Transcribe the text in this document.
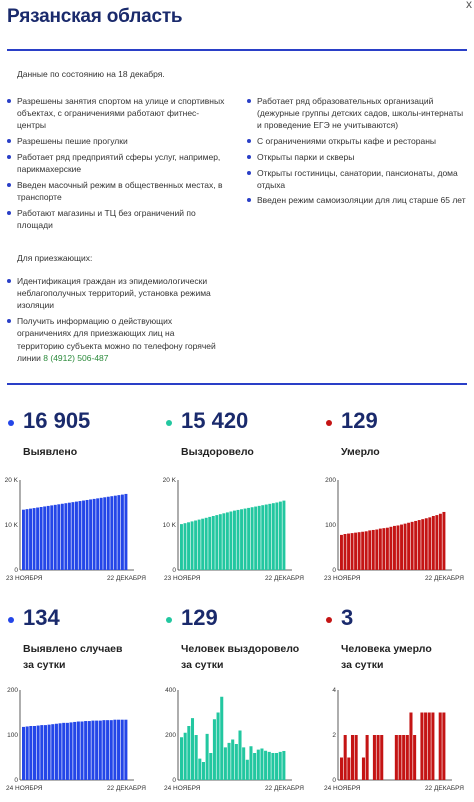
Рязанская область
x
Данные по состоянию на 18 декабря.
Разрешены занятия спортом на улице и спортивных объектах, с ограничениями работают фитнес-центры
Разрешены пешие прогулки
Работает ряд предприятий сферы услуг, например, парикмахерские
Введен масочный режим в общественных местах, в транспорте
Работают магазины и ТЦ без ограничений по площади
Работает ряд образовательных организаций (дежурные группы детских садов, школы-интернаты и проведение ЕГЭ не учитываются)
С ограничениями открыты кафе и рестораны
Открыты парки и скверы
Открыты гостиницы, санатории, пансионаты, дома отдыха
Введен режим самоизоляции для лиц старше 65 лет
Для приезжающих:
Идентификация граждан из эпидемиологически неблагополучных территорий, установка режима изоляции
Получить информацию о действующих ограничениях для приезжающих лиц на территорию субъекта можно по телефону горячей линии 8 (4912) 506-487
16 905
Выявлено
15 420
Выздоровело
129
Умерло
134
Выявлено случаев
за сутки
129
Человек выздоровело
за сутки
3
Человека умерло
за сутки
0
10 K
20 K
23 НОЯБРЯ	22 ДЕКАБРЯ
0
10 K
20 K
23 НОЯБРЯ	22 ДЕКАБРЯ
0
100
200
23 НОЯБРЯ	22 ДЕКАБРЯ
0
100
200
24 НОЯБРЯ	22 ДЕКАБРЯ
0
200
400
24 НОЯБРЯ	22 ДЕКАБРЯ
0
2
4
24 НОЯБРЯ	22 ДЕКАБРЯ
